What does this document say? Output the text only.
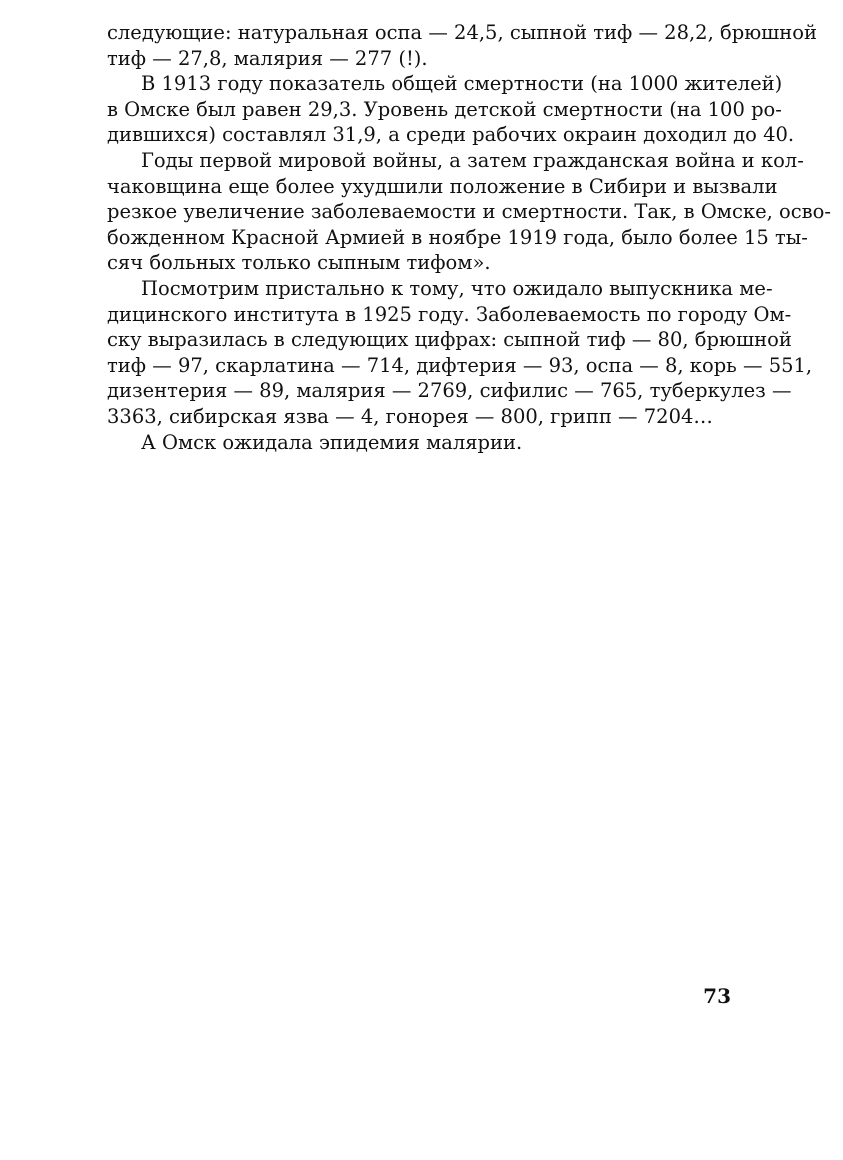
следующие: натуральная оспа — 24,5, сыпной тиф — 28,2, брюшной
тиф — 27,8, малярия — 277 (!).
В 1913 году показатель общей смертности (на 1000 жителей)
в Омске был равен 29,3. Уровень детской смертности (на 100 ро-
дившихся) составлял 31,9, а среди рабочих окраин доходил до 40.
Годы первой мировой войны, а затем гражданская война и кол-
чаковщина еще более ухудшили положение в Сибири и вызвали
резкое увеличение заболеваемости и смертности. Так, в Омске, осво-
божденном Красной Армией в ноябре 1919 года, было более 15 ты-
сяч больных только сыпным тифом».
Посмотрим пристально к тому, что ожидало выпускника ме-
дицинского института в 1925 году. Заболеваемость по городу Ом-
ску выразилась в следующих цифрах: сыпной тиф — 80, брюшной
тиф — 97, скарлатина — 714, дифтерия — 93, оспа — 8, корь — 551,
дизентерия — 89, малярия — 2769, сифилис — 765, туберкулез —
3363, сибирская язва — 4, гонорея — 800, грипп — 7204…
А Омск ожидала эпидемия малярии.
73
